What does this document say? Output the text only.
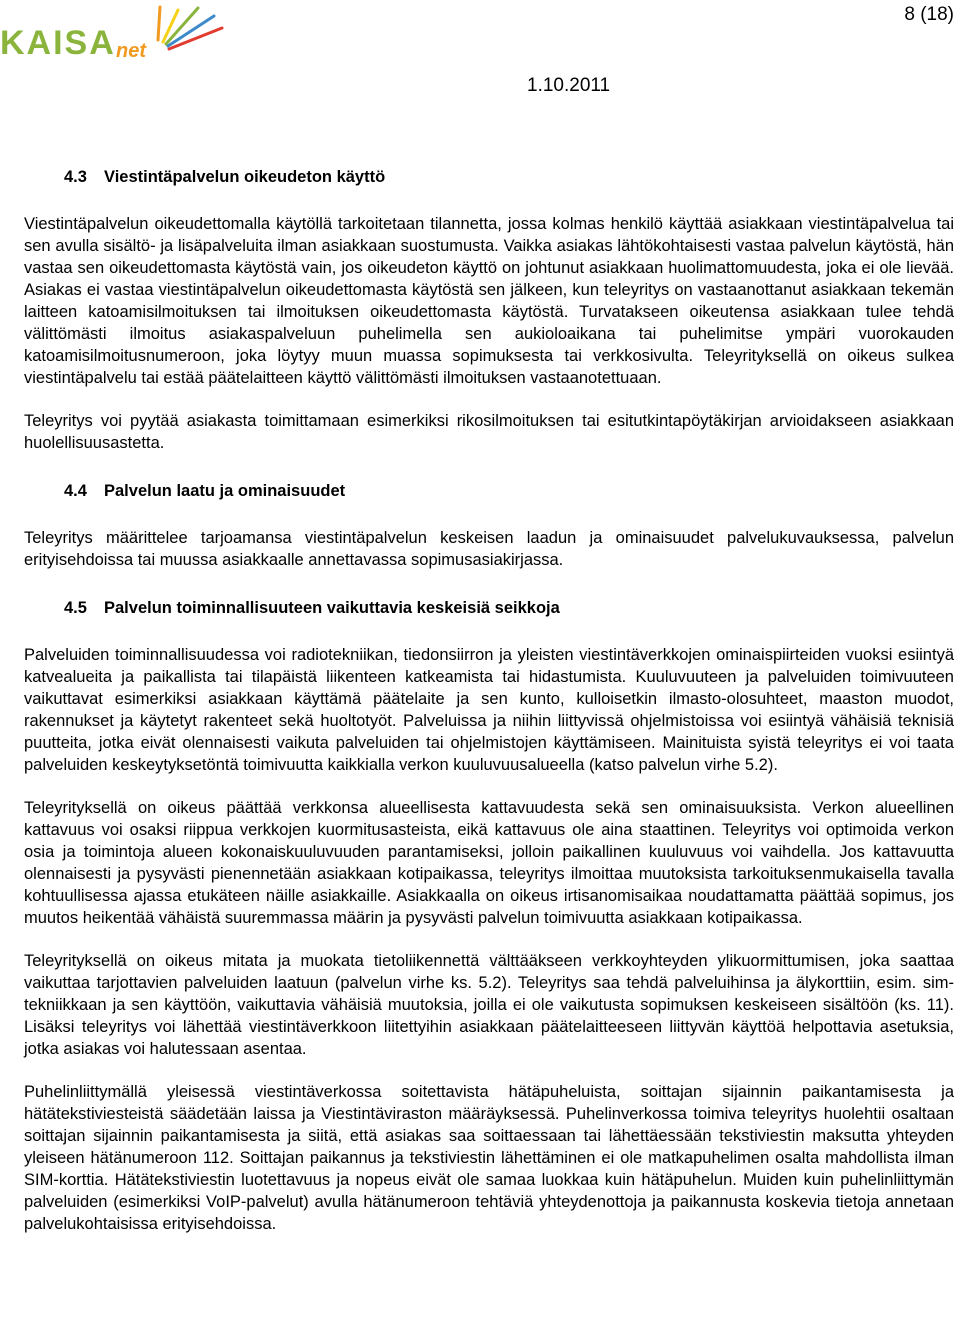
KAISA net
8 (18)
1.10.2011
4.3 Viestintäpalvelun oikeudeton käyttö

Viestintäpalvelun oikeudettomalla käytöllä tarkoitetaan tilannetta, jossa kolmas henkilö käyttää asiakkaan viestintäpalvelua tai sen avulla sisältö- ja lisäpalveluita ilman asiakkaan suostumusta. Vaikka asiakas lähtökohtaisesti vastaa palvelun käytöstä, hän vastaa sen oikeudettomasta käytöstä vain, jos oikeudeton käyttö on johtunut asiakkaan huolimattomuudesta, joka ei ole lievää. Asiakas ei vastaa viestintäpalvelun oikeudettomasta käytöstä sen jälkeen, kun teleyritys on vastaanottanut asiakkaan tekemän laitteen katoamisilmoituksen tai ilmoituksen oikeudettomasta käytöstä. Turvatakseen oikeutensa asiakkaan tulee tehdä välittömästi ilmoitus asiakaspalveluun puhelimella sen aukioloaikana tai puhelimitse ympäri vuorokauden katoamisilmoitusnumeroon, joka löytyy muun muassa sopimuksesta tai verkkosivulta. Teleyrityksellä on oikeus sulkea viestintäpalvelu tai estää päätelaitteen käyttö välittömästi ilmoituksen vastaanotettuaan.

Teleyritys voi pyytää asiakasta toimittamaan esimerkiksi rikosilmoituksen tai esitutkintapöytäkirjan arvioidakseen asiakkaan huolellisuusastetta.

4.4 Palvelun laatu ja ominaisuudet

Teleyritys määrittelee tarjoamansa viestintäpalvelun keskeisen laadun ja ominaisuudet palvelukuvauksessa, palvelun erityisehdoissa tai muussa asiakkaalle annettavassa sopimusasiakirjassa.

4.5 Palvelun toiminnallisuuteen vaikuttavia keskeisiä seikkoja

Palveluiden toiminnallisuudessa voi radiotekniikan, tiedonsiirron ja yleisten viestintäverkkojen ominaispiirteiden vuoksi esiintyä katvealueita ja paikallista tai tilapäistä liikenteen katkeamista tai hidastumista. Kuuluvuuteen ja palveluiden toimivuuteen vaikuttavat esimerkiksi asiakkaan käyttämä päätelaite ja sen kunto, kulloisetkin ilmasto-olosuhteet, maaston muodot, rakennukset ja käytetyt rakenteet sekä huoltotyöt. Palveluissa ja niihin liittyvissä ohjelmistoissa voi esiintyä vähäisiä teknisiä puutteita, jotka eivät olennaisesti vaikuta palveluiden tai ohjelmistojen käyttämiseen. Mainituista syistä teleyritys ei voi taata palveluiden keskeytyksetöntä toimivuutta kaikkialla verkon kuuluvuusalueella (katso palvelun virhe 5.2).

Teleyrityksellä on oikeus päättää verkkonsa alueellisesta kattavuudesta sekä sen ominaisuuksista. Verkon alueellinen kattavuus voi osaksi riippua verkkojen kuormitusasteista, eikä kattavuus ole aina staattinen. Teleyritys voi optimoida verkon osia ja toimintoja alueen kokonaiskuuluvuuden parantamiseksi, jolloin paikallinen kuuluvuus voi vaihdella. Jos kattavuutta olennaisesti ja pysyvästi pienennetään asiakkaan kotipaikassa, teleyritys ilmoittaa muutoksista tarkoituksenmukaisella tavalla kohtuullisessa ajassa etukäteen näille asiakkaille. Asiakkaalla on oikeus irtisanomisaikaa noudattamatta päättää sopimus, jos muutos heikentää vähäistä suuremmassa määrin ja pysyvästi palvelun toimivuutta asiakkaan kotipaikassa.

Teleyrityksellä on oikeus mitata ja muokata tietoliikennettä välttääkseen verkkoyhteyden ylikuormittumisen, joka saattaa vaikuttaa tarjottavien palveluiden laatuun (palvelun virhe ks. 5.2). Teleyritys saa tehdä palveluihinsa ja älykorttiin, esim. sim-tekniikkaan ja sen käyttöön, vaikuttavia vähäisiä muutoksia, joilla ei ole vaikutusta sopimuksen keskeiseen sisältöön (ks. 11). Lisäksi teleyritys voi lähettää viestintäverkkoon liitettyihin asiakkaan päätelaitteeseen liittyvän käyttöä helpottavia asetuksia, jotka asiakas voi halutessaan asentaa.

Puhelinliittymällä yleisessä viestintäverkossa soitettavista hätäpuheluista, soittajan sijainnin paikantamisesta ja hätätekstiviesteistä säädetään laissa ja Viestintäviraston määräyksessä. Puhelinverkossa toimiva teleyritys huolehtii osaltaan soittajan sijainnin paikantamisesta ja siitä, että asiakas saa soittaessaan tai lähettäessään tekstiviestin maksutta yhteyden yleiseen hätänumeroon 112. Soittajan paikannus ja tekstiviestin lähettäminen ei ole matkapuhelimen osalta mahdollista ilman SIM-korttia. Hätätekstiviestin luotettavuus ja nopeus eivät ole samaa luokkaa kuin hätäpuhelun. Muiden kuin puhelinliittymän palveluiden (esimerkiksi VoIP-palvelut) avulla hätänumeroon tehtäviä yhteydenottoja ja paikannusta koskevia tietoja annetaan palvelukohtaisissa erityisehdoissa.
